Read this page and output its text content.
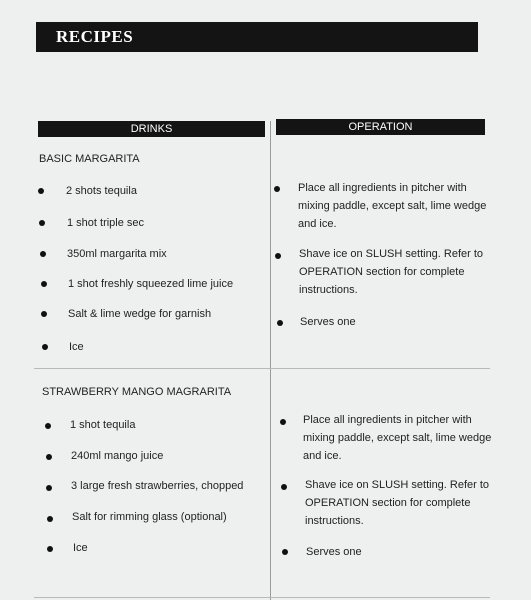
RECIPES
DRINKS	OPERATION
BASIC MARGARITA
2 shots tequila
1 shot triple sec
350ml margarita mix
1 shot freshly squeezed lime juice
Salt & lime wedge for garnish
Ice
Place all ingredients in pitcher with mixing paddle, except salt, lime wedge and ice.
Shave ice on SLUSH setting. Refer to OPERATION section for complete instructions.
Serves one
STRAWBERRY MANGO MAGRARITA
1 shot tequila
240ml mango juice
3 large fresh strawberries, chopped
Salt for rimming glass (optional)
Ice
Place all ingredients in pitcher with mixing paddle, except salt, lime wedge and ice.
Shave ice on SLUSH setting. Refer to OPERATION section for complete instructions.
Serves one
